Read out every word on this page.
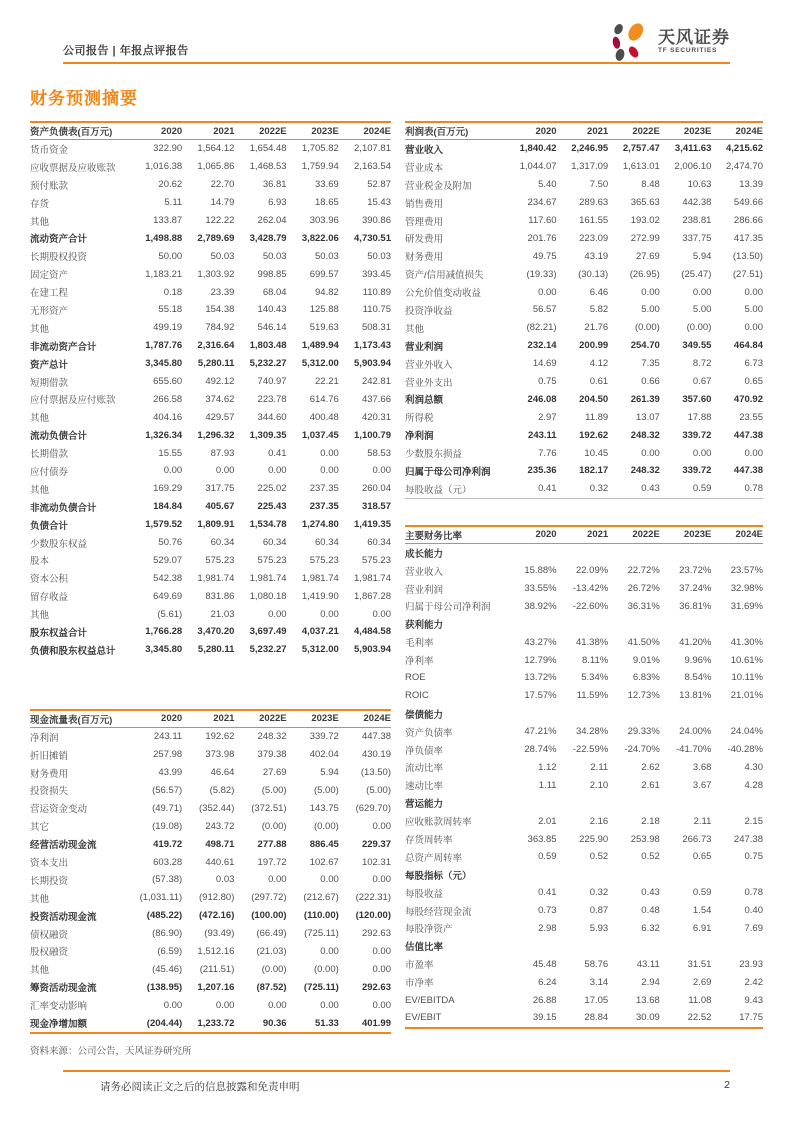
公司报告 | 年报点评报告
天风证券
TF SECURITIES
财务预测摘要
资产负债表(百万元)	2020	2021	2022E	2023E	2024E
货币资金	322.90	1,564.12	1,654.48	1,705.82	2,107.81
应收票据及应收账款	1,016.38	1,065.86	1,468.53	1,759.94	2,163.54
预付账款	20.62	22.70	36.81	33.69	52.87
存货	5.11	14.79	6.93	18.65	15.43
其他	133.87	122.22	262.04	303.96	390.86
流动资产合计	1,498.88	2,789.69	3,428.79	3,822.06	4,730.51
长期股权投资	50.00	50.03	50.03	50.03	50.03
固定资产	1,183.21	1,303.92	998.85	699.57	393.45
在建工程	0.18	23.39	68.04	94.82	110.89
无形资产	55.18	154.38	140.43	125.88	110.75
其他	499.19	784.92	546.14	519.63	508.31
非流动资产合计	1,787.76	2,316.64	1,803.48	1,489.94	1,173.43
资产总计	3,345.80	5,280.11	5,232.27	5,312.00	5,903.94
短期借款	655.60	492.12	740.97	22.21	242.81
应付票据及应付账款	266.58	374.62	223.78	614.76	437.66
其他	404.16	429.57	344.60	400.48	420.31
流动负债合计	1,326.34	1,296.32	1,309.35	1,037.45	1,100.79
长期借款	15.55	87.93	0.41	0.00	58.53
应付债券	0.00	0.00	0.00	0.00	0.00
其他	169.29	317.75	225.02	237.35	260.04
非流动负债合计	184.84	405.67	225.43	237.35	318.57
负债合计	1,579.52	1,809.91	1,534.78	1,274.80	1,419.35
少数股东权益	50.76	60.34	60.34	60.34	60.34
股本	529.07	575.23	575.23	575.23	575.23
资本公积	542.38	1,981.74	1,981.74	1,981.74	1,981.74
留存收益	649.69	831.86	1,080.18	1,419.90	1,867.28
其他	(5.61)	21.03	0.00	0.00	0.00
股东权益合计	1,766.28	3,470.20	3,697.49	4,037.21	4,484.58
负债和股东权益总计	3,345.80	5,280.11	5,232.27	5,312.00	5,903.94
现金流量表(百万元)	2020	2021	2022E	2023E	2024E
净利润	243.11	192.62	248.32	339.72	447.38
折旧摊销	257.98	373.98	379.38	402.04	430.19
财务费用	43.99	46.64	27.69	5.94	(13.50)
投资损失	(56.57)	(5.82)	(5.00)	(5.00)	(5.00)
营运资金变动	(49.71)	(352.44)	(372.51)	143.75	(629.70)
其它	(19.08)	243.72	(0.00)	(0.00)	0.00
经营活动现金流	419.72	498.71	277.88	886.45	229.37
资本支出	603.28	440.61	197.72	102.67	102.31
长期投资	(57.38)	0.03	0.00	0.00	0.00
其他	(1,031.11)	(912.80)	(297.72)	(212.67)	(222.31)
投资活动现金流	(485.22)	(472.16)	(100.00)	(110.00)	(120.00)
债权融资	(86.90)	(93.49)	(66.49)	(725.11)	292.63
股权融资	(6.59)	1,512.16	(21.03)	0.00	0.00
其他	(45.46)	(211.51)	(0.00)	(0.00)	0.00
筹资活动现金流	(138.95)	1,207.16	(87.52)	(725.11)	292.63
汇率变动影响	0.00	0.00	0.00	0.00	0.00
现金净增加额	(204.44)	1,233.72	90.36	51.33	401.99
资料来源：公司公告，天风证券研究所
利润表(百万元)	2020	2021	2022E	2023E	2024E
营业收入	1,840.42	2,246.95	2,757.47	3,411.63	4,215.62
营业成本	1,044.07	1,317.09	1,613.01	2,006.10	2,474.70
营业税金及附加	5.40	7.50	8.48	10.63	13.39
销售费用	234.67	289.63	365.63	442.38	549.66
管理费用	117.60	161.55	193.02	238.81	286.66
研发费用	201.76	223.09	272.99	337.75	417.35
财务费用	49.75	43.19	27.69	5.94	(13.50)
资产/信用减值损失	(19.33)	(30.13)	(26.95)	(25.47)	(27.51)
公允价值变动收益	0.00	6.46	0.00	0.00	0.00
投资净收益	56.57	5.82	5.00	5.00	5.00
其他	(82.21)	21.76	(0.00)	(0.00)	0.00
营业利润	232.14	200.99	254.70	349.55	464.84
营业外收入	14.69	4.12	7.35	8.72	6.73
营业外支出	0.75	0.61	0.66	0.67	0.65
利润总额	246.08	204.50	261.39	357.60	470.92
所得税	2.97	11.89	13.07	17.88	23.55
净利润	243.11	192.62	248.32	339.72	447.38
少数股东损益	7.76	10.45	0.00	0.00	0.00
归属于母公司净利润	235.36	182.17	248.32	339.72	447.38
每股收益（元）	0.41	0.32	0.43	0.59	0.78
主要财务比率	2020	2021	2022E	2023E	2024E
成长能力
营业收入	15.88%	22.09%	22.72%	23.72%	23.57%
营业利润	33.55%	-13.42%	26.72%	37.24%	32.98%
归属于母公司净利润	38.92%	-22.60%	36.31%	36.81%	31.69%
获利能力
毛利率	43.27%	41.38%	41.50%	41.20%	41.30%
净利率	12.79%	8.11%	9.01%	9.96%	10.61%
ROE	13.72%	5.34%	6.83%	8.54%	10.11%
ROIC	17.57%	11.59%	12.73%	13.81%	21.01%
偿债能力
资产负债率	47.21%	34.28%	29.33%	24.00%	24.04%
净负债率	28.74%	-22.59%	-24.70%	-41.70%	-40.28%
流动比率	1.12	2.11	2.62	3.68	4.30
速动比率	1.11	2.10	2.61	3.67	4.28
营运能力
应收账款周转率	2.01	2.16	2.18	2.11	2.15
存货周转率	363.85	225.90	253.98	266.73	247.38
总资产周转率	0.59	0.52	0.52	0.65	0.75
每股指标（元）
每股收益	0.41	0.32	0.43	0.59	0.78
每股经营现金流	0.73	0.87	0.48	1.54	0.40
每股净资产	2.98	5.93	6.32	6.91	7.69
估值比率
市盈率	45.48	58.76	43.11	31.51	23.93
市净率	6.24	3.14	2.94	2.69	2.42
EV/EBITDA	26.88	17.05	13.68	11.08	9.43
EV/EBIT	39.15	28.84	30.09	22.52	17.75
请务必阅读正文之后的信息披露和免责申明	2
